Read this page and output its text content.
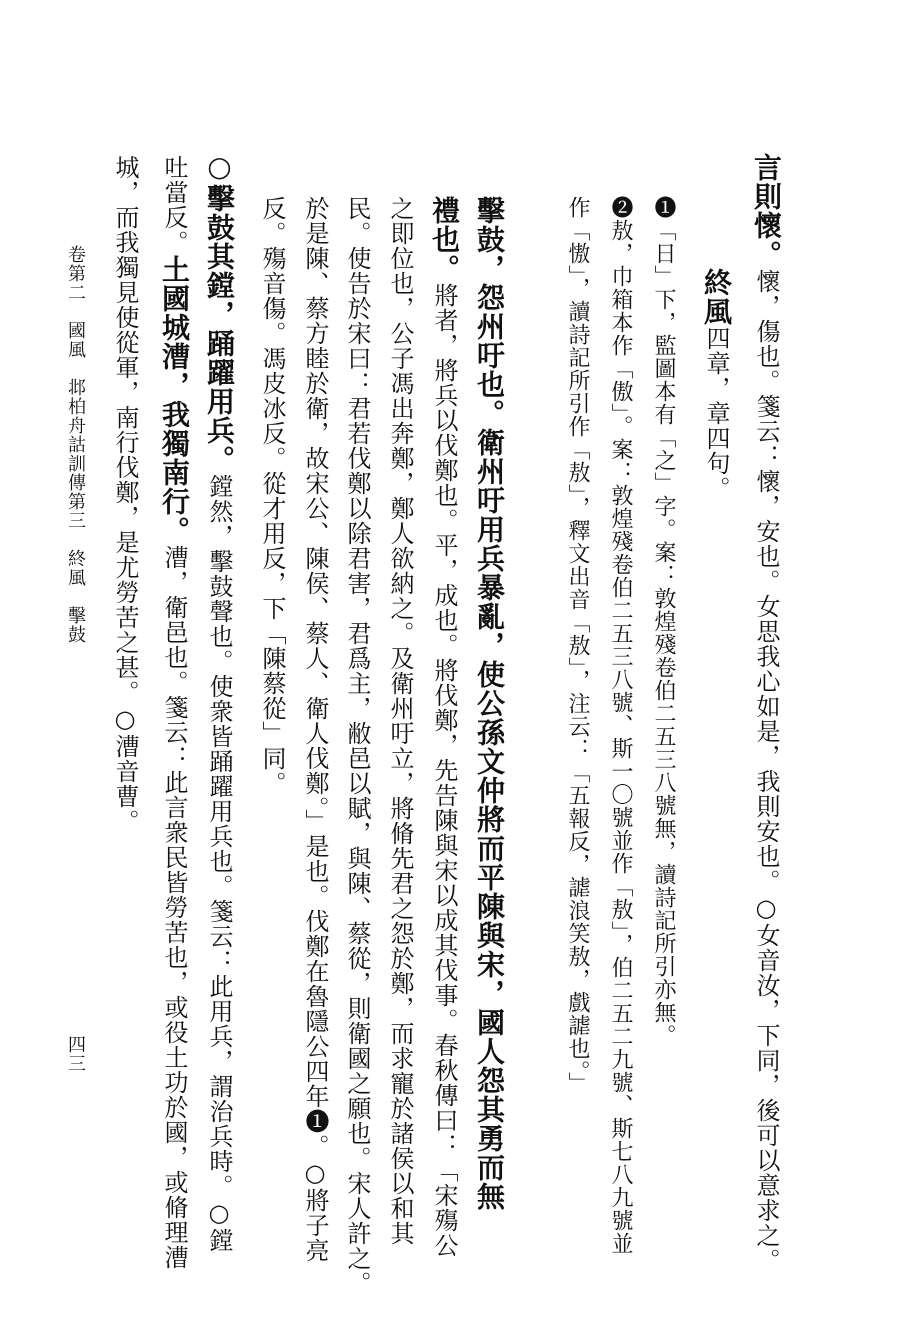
言則懷。懷，傷也。箋云：懷，安也。女思我心如是，我則安也。○女音汝，下同，後可以意求之。
❶「日」下，監圖本有「之」字。案：敦煌殘卷伯二五三八號無，讀詩記所引亦無。
❷敖，巾箱本作「傲」。案：敦煌殘卷伯二五三八號、斯一〇號並作「敖」，伯二五二九號、斯七八九號並
作「慠」，讀詩記所引作「敖」，釋文出音「敖」，注云：「五報反，謔浪笑敖，戲謔也。」	終風四章，章四句。
擊鼓，怨州吁也。衛州吁用兵暴亂，使公孫文仲將而平陳與宋，國人怨其勇而無
禮也。將者，將兵以伐鄭也。平，成也。將伐鄭，先告陳與宋以成其伐事。春秋傳曰：「宋殤公
之即位也，公子馮出奔鄭，鄭人欲納之。及衛州吁立，將脩先君之怨於鄭，而求寵於諸侯以和其
民。使告於宋曰：君若伐鄭以除君害，君爲主，敝邑以賦，與陳、蔡從，則衛國之願也。宋人許之。
於是陳、蔡方睦於衛，故宋公、陳侯、蔡人、衛人伐鄭。」是也。伐鄭在魯隱公四年❶。○將子亮
反。殤音傷。馮皮冰反。從才用反，下「陳蔡從」同。
○擊鼓其鏜，踊躍用兵。鏜然，擊鼓聲也。使衆皆踊躍用兵也。箋云：此用兵，謂治兵時。○鏜
吐當反。土國城漕，我獨南行。漕，衛邑也。箋云：此言衆民皆勞苦也，或役土功於國，或脩理漕
城，而我獨見使從軍，南行伐鄭，是尤勞苦之甚。○漕音曹。
卷第二　國風　邶柏舟詁訓傳第三　終風　擊鼓
四三
